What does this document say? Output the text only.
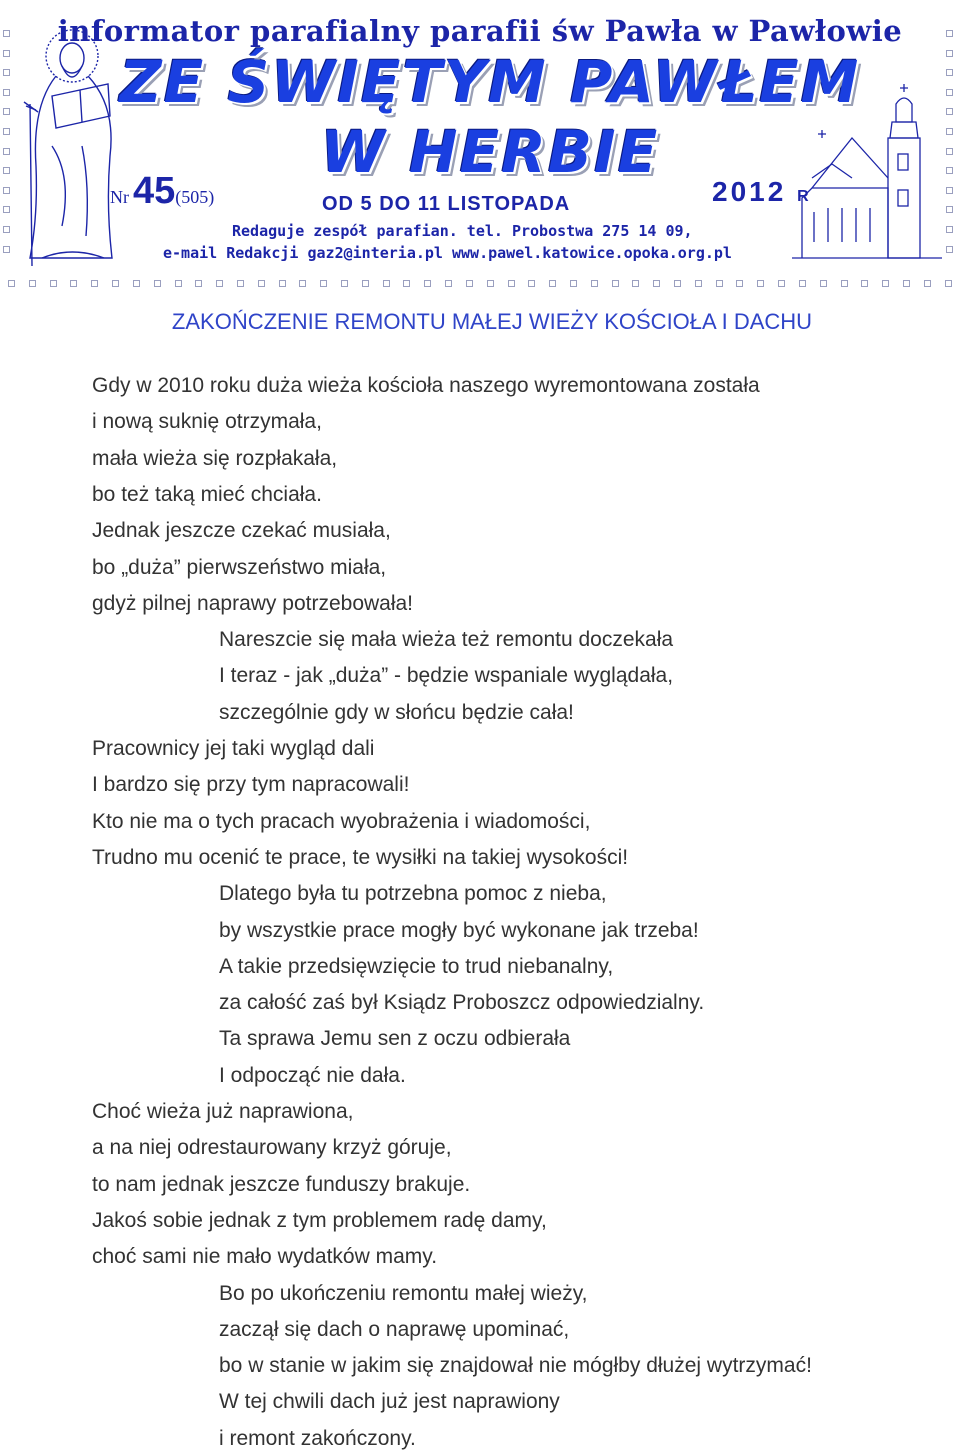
informator parafialny parafii św Pawła w Pawłowie
ZE ŚWIĘTYM PAWŁEM
W HERBIE
Nr 45(505)	OD 5 DO 11 LISTOPADA	2012 R
Redaguje zespół parafian. tel. Probostwa 275 14 09,
e-mail Redakcji gaz2@interia.pl www.pawel.katowice.opoka.org.pl
ZAKOŃCZENIE REMONTU MAŁEJ WIEŻY KOŚCIOŁA I DACHU
Gdy w 2010 roku duża wieża kościoła naszego wyremontowana została
i nową suknię otrzymała,
mała wieża się rozpłakała,
bo też taką mieć chciała.
Jednak jeszcze czekać musiała,
bo „duża” pierwszeństwo miała,
gdyż pilnej naprawy potrzebowała!
Nareszcie się mała wieża też remontu doczekała
I teraz - jak „duża” - będzie wspaniale wyglądała,
szczególnie gdy w słońcu będzie cała!
Pracownicy jej taki wygląd dali
I bardzo się przy tym napracowali!
Kto nie ma o tych pracach wyobrażenia i wiadomości,
Trudno mu ocenić te prace, te wysiłki na takiej wysokości!
Dlatego była tu potrzebna pomoc z nieba,
by wszystkie prace mogły być wykonane jak trzeba!
A takie przedsięwzięcie to trud niebanalny,
za całość zaś był Ksiądz Proboszcz odpowiedzialny.
Ta sprawa Jemu sen z oczu odbierała
I odpocząć nie dała.
Choć wieża już naprawiona,
a na niej odrestaurowany krzyż góruje,
to nam jednak jeszcze funduszy brakuje.
Jakoś sobie jednak z tym problemem radę damy,
choć sami nie mało wydatków mamy.
Bo po ukończeniu remontu małej wieży,
zaczął się dach o naprawę upominać,
bo w stanie w jakim się znajdował nie mógłby dłużej wytrzymać!
W tej chwili dach już jest naprawiony
i remont zakończony.
